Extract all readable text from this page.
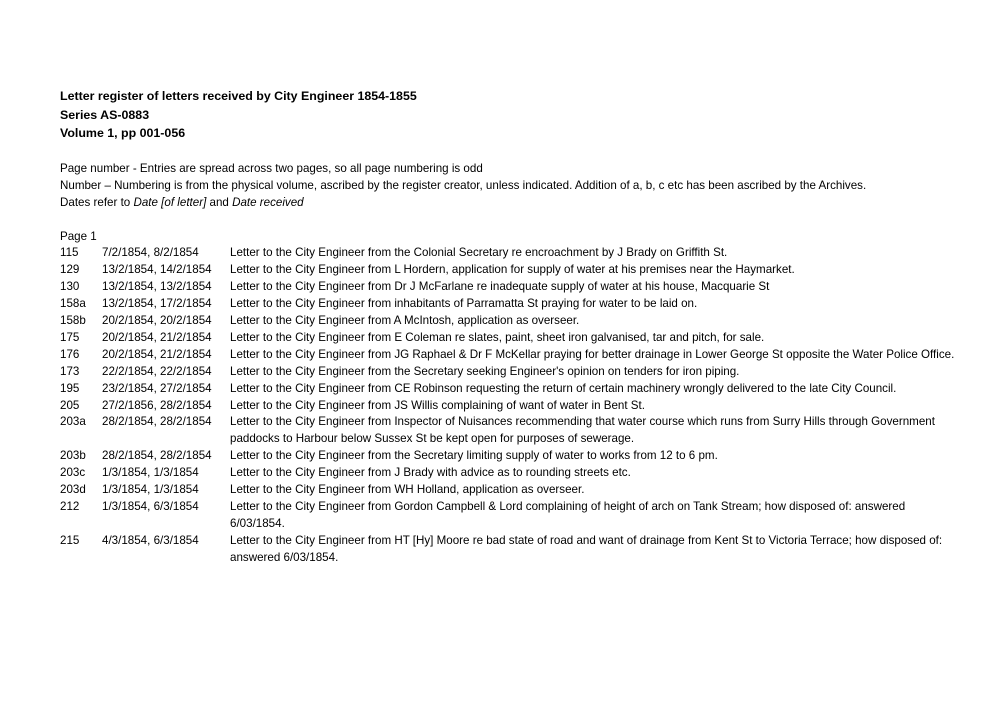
Letter register of letters received by City Engineer 1854-1855
Series AS-0883
Volume 1, pp 001-056
Page number - Entries are spread across two pages, so all page numbering is odd
Number – Numbering is from the physical volume, ascribed by the register creator, unless indicated. Addition of a, b, c etc has been ascribed by the Archives.
Dates refer to Date [of letter] and Date received
Page 1
115	7/2/1854, 8/2/1854	Letter to the City Engineer from the Colonial Secretary re encroachment by J Brady on Griffith St.
129	13/2/1854, 14/2/1854	Letter to the City Engineer from L Hordern, application for supply of water at his premises near the Haymarket.
130	13/2/1854, 13/2/1854	Letter to the City Engineer from Dr J McFarlane re inadequate supply of water at his house, Macquarie St
158a	13/2/1854, 17/2/1854	Letter to the City Engineer from inhabitants of Parramatta St praying for water to be laid on.
158b	20/2/1854, 20/2/1854	Letter to the City Engineer from A McIntosh, application as overseer.
175	20/2/1854, 21/2/1854	Letter to the City Engineer from E Coleman re slates, paint, sheet iron galvanised, tar and pitch, for sale.
176	20/2/1854, 21/2/1854	Letter to the City Engineer from JG Raphael & Dr F McKellar praying for better drainage in Lower George St opposite the Water Police Office.
173	22/2/1854, 22/2/1854	Letter to the City Engineer from the Secretary seeking Engineer's opinion on tenders for iron piping.
195	23/2/1854, 27/2/1854	Letter to the City Engineer from CE Robinson requesting the return of certain machinery wrongly delivered to the late City Council.
205	27/2/1856, 28/2/1854	Letter to the City Engineer from JS Willis complaining of want of water in Bent St.
203a	28/2/1854, 28/2/1854	Letter to the City Engineer from Inspector of Nuisances recommending that water course which runs from Surry Hills through Government paddocks to Harbour below Sussex St be kept open for purposes of sewerage.
203b	28/2/1854, 28/2/1854	Letter to the City Engineer from the Secretary limiting supply of water to works from 12 to 6 pm.
203c	1/3/1854, 1/3/1854	Letter to the City Engineer from J Brady with advice as to rounding streets etc.
203d	1/3/1854, 1/3/1854	Letter to the City Engineer from WH Holland, application as overseer.
212	1/3/1854, 6/3/1854	Letter to the City Engineer from Gordon Campbell & Lord complaining of height of arch on Tank Stream; how disposed of: answered 6/03/1854.
215	4/3/1854, 6/3/1854	Letter to the City Engineer from HT [Hy] Moore re bad state of road and want of drainage from Kent St to Victoria Terrace; how disposed of: answered 6/03/1854.
